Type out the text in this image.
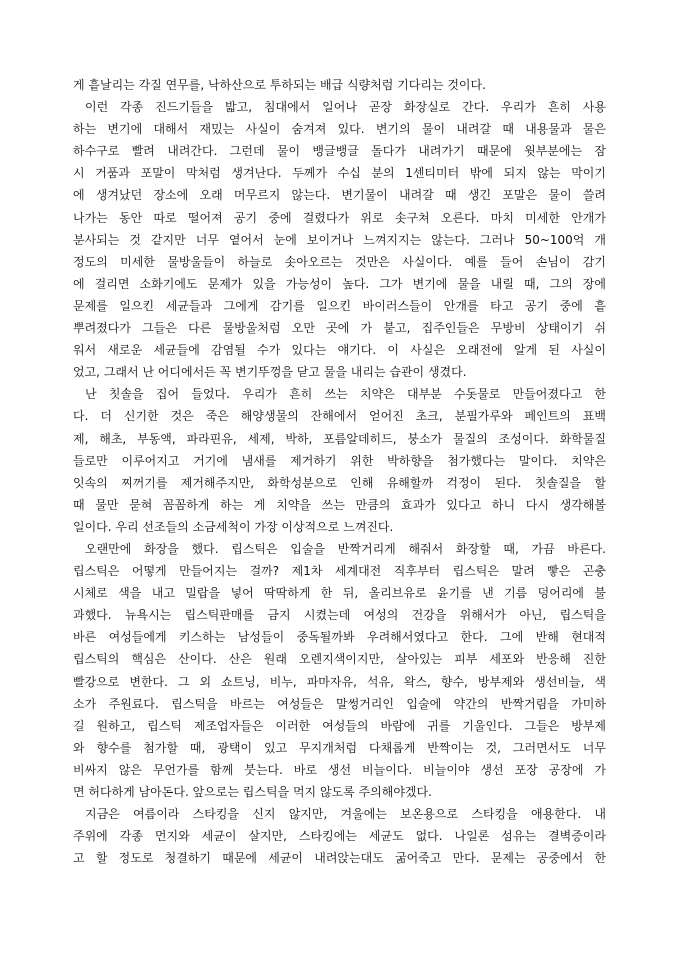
게 흩날리는 각질 연무를, 낙하산으로 투하되는 배급 식량처럼 기다리는 것이다.
이런 각종 진드기들을 밟고, 침대에서 일어나 곧장 화장실로 간다. 우리가 흔히 사용
하는 변기에 대해서 재밌는 사실이 숨겨져 있다. 변기의 물이 내려갈 때 내용물과 물은
하수구로 빨려 내려간다. 그런데 물이 뱅글뱅글 돌다가 내려가기 때문에 윗부분에는 잠
시 거품과 포말이 막처럼 생겨난다. 두께가 수십 분의 1센티미터 밖에 되지 않는 막이기
에 생겨났던 장소에 오래 머무르지 않는다. 변기물이 내려갈 때 생긴 포말은 물이 쓸려
나가는 동안 따로 떨어져 공기 중에 걸렸다가 위로 솟구쳐 오른다. 마치 미세한 안개가
분사되는 것 같지만 너무 옅어서 눈에 보이거나 느껴지지는 않는다. 그러나 50~100억 개
정도의 미세한 물방울들이 하늘로 솟아오르는 것만은 사실이다. 예를 들어 손님이 감기
에 걸리면 소화기에도 문제가 있을 가능성이 높다. 그가 변기에 물을 내릴 때, 그의 장에
문제를 일으킨 세균들과 그에게 감기를 일으킨 바이러스들이 안개를 타고 공기 중에 흩
뿌려졌다가 그들은 다른 물방울처럼 오만 곳에 가 붙고, 집주인들은 무방비 상태이기 쉬
워서 새로운 세균들에 감염될 수가 있다는 얘기다. 이 사실은 오래전에 알게 된 사실이
었고, 그래서 난 어디에서든 꼭 변기뚜껑을 닫고 물을 내리는 습관이 생겼다.
난 칫솔을 집어 들었다. 우리가 흔히 쓰는 치약은 대부분 수돗물로 만들어졌다고 한
다. 더 신기한 것은 죽은 해양생물의 잔해에서 얻어진 초크, 분필가루와 페인트의 표백
제, 해초, 부동액, 파라핀유, 세제, 박하, 포름알데히드, 붕소가 물질의 조성이다. 화학물질
들로만 이루어지고 거기에 냄새를 제거하기 위한 박하향을 첨가했다는 말이다. 치약은
잇속의 찌꺼기를 제거해주지만, 화학성분으로 인해 유해할까 걱정이 된다. 칫솔질을 할
때 물만 묻혀 꼼꼼하게 하는 게 치약을 쓰는 만큼의 효과가 있다고 하니 다시 생각해볼
일이다. 우리 선조들의 소금세척이 가장 이상적으로 느껴진다.
오랜만에 화장을 했다. 립스틱은 입술을 반짝거리게 해줘서 화장할 때, 가끔 바른다.
립스틱은 어떻게 만들어지는 걸까? 제1차 세계대전 직후부터 립스틱은 말려 빻은 곤충
시체로 색을 내고 밀랍을 넣어 딱딱하게 한 뒤, 올리브유로 윤기를 낸 기름 덩어리에 불
과했다. 뉴욕시는 립스틱판매를 금지 시켰는데 여성의 건강을 위해서가 아닌, 립스틱을
바른 여성들에게 키스하는 남성들이 중독될까봐 우려해서였다고 한다. 그에 반해 현대적
립스틱의 핵심은 산이다. 산은 원래 오렌지색이지만, 살아있는 피부 세포와 반응해 진한
빨강으로 변한다. 그 외 쇼트닝, 비누, 파마자유, 석유, 왁스, 향수, 방부제와 생선비늘, 색
소가 주원료다. 립스틱을 바르는 여성들은 말썽거리인 입술에 약간의 반짝거림을 가미하
길 원하고, 립스틱 제조업자들은 이러한 여성들의 바람에 귀를 기울인다. 그들은 방부제
와 향수를 첨가할 때, 광택이 있고 무지개처럼 다채롭게 반짝이는 것, 그러면서도 너무
비싸지 않은 무언가를 함께 붓는다. 바로 생선 비늘이다. 비늘이야 생선 포장 공장에 가
면 허다하게 남아돈다. 앞으로는 립스틱을 먹지 않도록 주의해야겠다.
지금은 여름이라 스타킹을 신지 않지만, 겨울에는 보온용으로 스타킹을 애용한다. 내
주위에 각종 먼지와 세균이 살지만, 스타킹에는 세균도 없다. 나일론 섬유는 결벽증이라
고 할 정도로 청결하기 때문에 세균이 내려앉는대도 굶어죽고 만다. 문제는 공중에서 한
